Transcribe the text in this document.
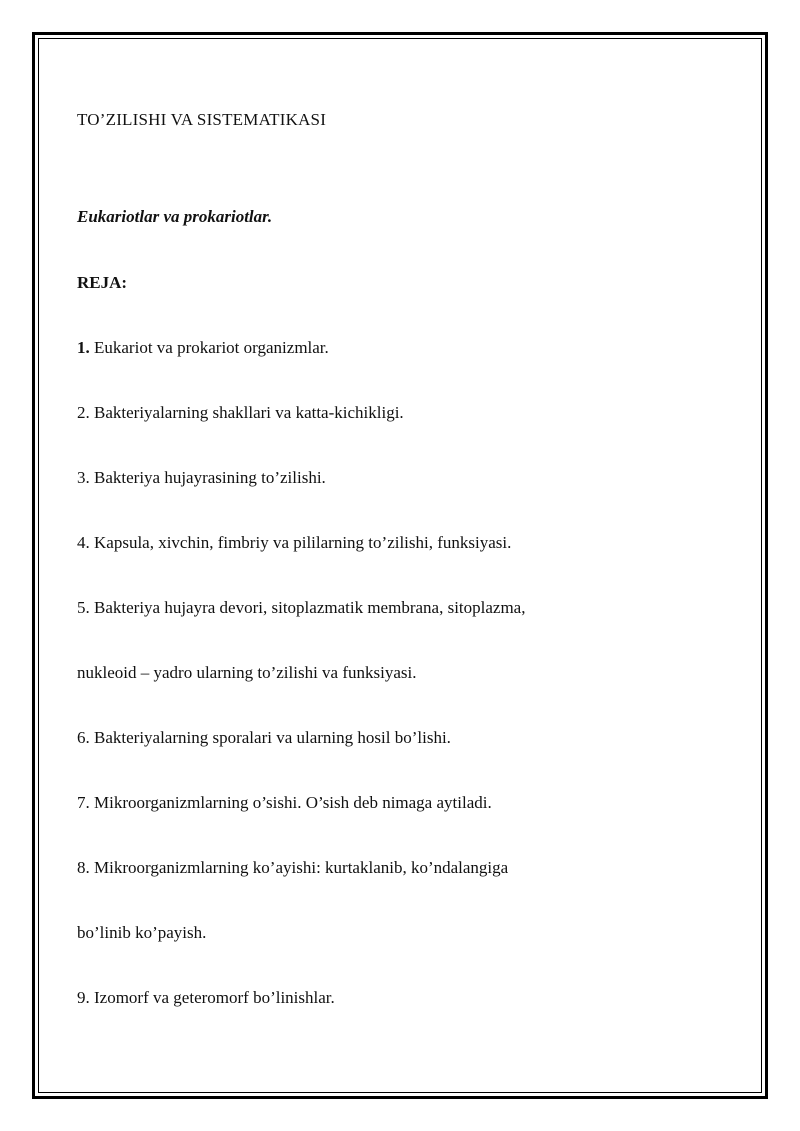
TO’ZILISHI VA SISTEMATIKASI
Eukariotlar va prokariotlar.
REJA:
1. Eukariot va prokariot organizmlar.
2. Bakteriyalarning shakllari va katta-kichikligi.
3. Bakteriya hujayrasining to’zilishi.
4. Kapsula, xivchin, fimbriy va pililarning to’zilishi, funksiyasi.
5. Bakteriya hujayra devori, sitoplazmatik membrana, sitoplazma,
nukleoid – yadro ularning to’zilishi va funksiyasi.
6. Bakteriyalarning sporalari va ularning hosil bo’lishi.
7. Mikroorganizmlarning o’sishi. O’sish deb nimaga aytiladi.
8. Mikroorganizmlarning ko’ayishi: kurtaklanib, ko’ndalangiga
bo’linib ko’payish.
9. Izomorf va geteromorf bo’linishlar.
